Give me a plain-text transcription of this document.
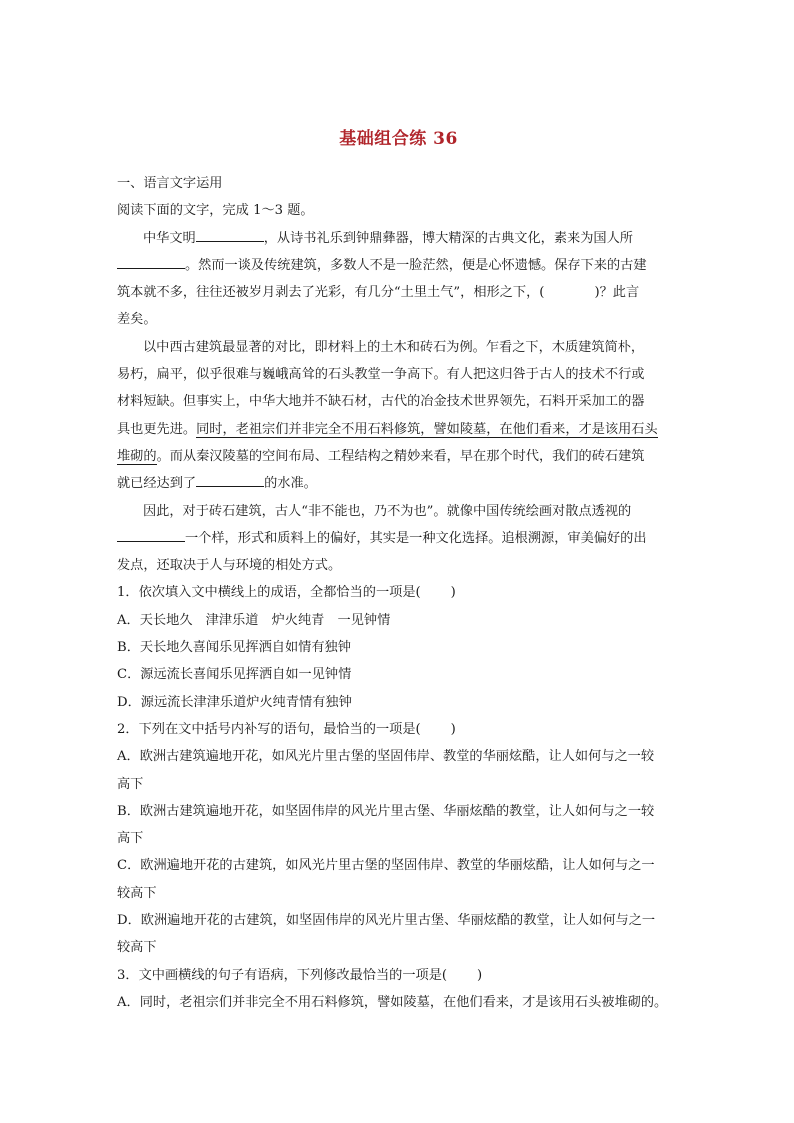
基础组合练 36
一、语言文字运用
阅读下面的文字，完成 1～3 题。
中华文明	，从诗书礼乐到钟鼎彝器，博大精深的古典文化，素来为国人所
。然而一谈及传统建筑，多数人不是一脸茫然，便是心怀遗憾。保存下来的古建
筑本就不多，往往还被岁月剥去了光彩，有几分“土里土气”，相形之下，(	)？此言
差矣。
以中西古建筑最显著的对比，即材料上的土木和砖石为例。乍看之下，木质建筑简朴，
易朽，扁平，似乎很难与巍峨高耸的石头教堂一争高下。有人把这归咎于古人的技术不行或
材料短缺。但事实上，中华大地并不缺石材，古代的冶金技术世界领先，石料开采加工的器
具也更先进。同时，老祖宗们并非完全不用石料修筑，譬如陵墓，在他们看来，才是该用石头
堆砌的。而从秦汉陵墓的空间布局、工程结构之精妙来看，早在那个时代，我们的砖石建筑
就已经达到了	的水准。
因此，对于砖石建筑，古人“非不能也，乃不为也”。就像中国传统绘画对散点透视的
一个样，形式和质料上的偏好，其实是一种文化选择。追根溯源，审美偏好的出
发点，还取决于人与环境的相处方式。
1．依次填入文中横线上的成语，全都恰当的一项是( )
A．天长地久　津津乐道　炉火纯青　一见钟情
B．天长地久喜闻乐见挥洒自如情有独钟
C．源远流长喜闻乐见挥洒自如一见钟情
D．源远流长津津乐道炉火纯青情有独钟
2．下列在文中括号内补写的语句，最恰当的一项是( )
A．欧洲古建筑遍地开花，如风光片里古堡的坚固伟岸、教堂的华丽炫酷，让人如何与之一较
高下
B．欧洲古建筑遍地开花，如坚固伟岸的风光片里古堡、华丽炫酷的教堂，让人如何与之一较
高下
C．欧洲遍地开花的古建筑，如风光片里古堡的坚固伟岸、教堂的华丽炫酷，让人如何与之一
较高下
D．欧洲遍地开花的古建筑，如坚固伟岸的风光片里古堡、华丽炫酷的教堂，让人如何与之一
较高下
3．文中画横线的句子有语病，下列修改最恰当的一项是( )
A．同时，老祖宗们并非完全不用石料修筑，譬如陵墓，在他们看来，才是该用石头被堆砌的。
